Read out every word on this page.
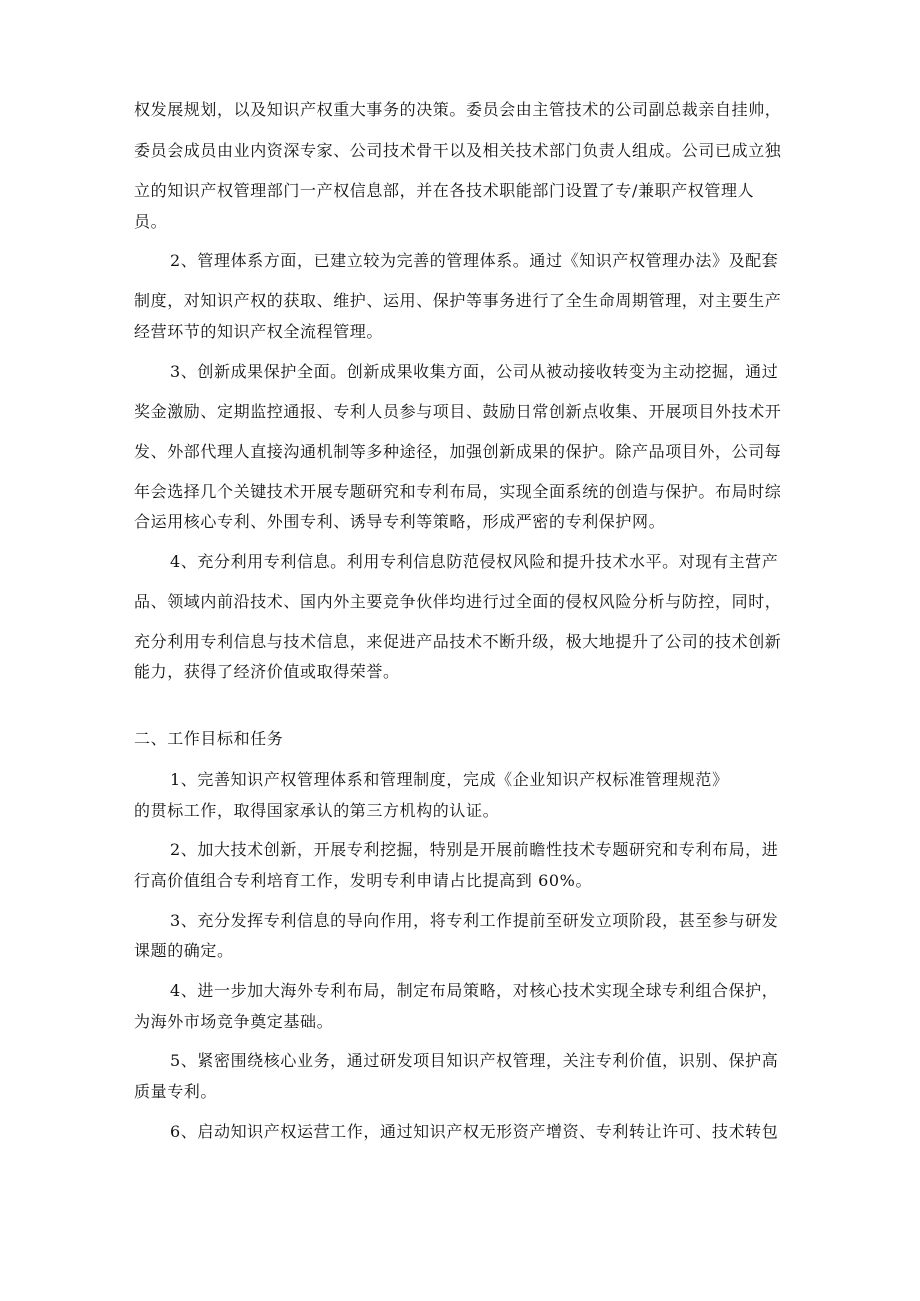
权发展规划，以及知识产权重大事务的决策。委员会由主管技术的公司副总裁亲自挂帅，
委员会成员由业内资深专家、公司技术骨干以及相关技术部门负责人组成。公司已成立独
立的知识产权管理部门一产权信息部，并在各技术职能部门设置了专/兼职产权管理人
员。
2、管理体系方面，已建立较为完善的管理体系。通过《知识产权管理办法》及配套
制度，对知识产权的获取、维护、运用、保护等事务进行了全生命周期管理，对主要生产
经营环节的知识产权全流程管理。
3、创新成果保护全面。创新成果收集方面，公司从被动接收转变为主动挖掘，通过
奖金激励、定期监控通报、专利人员参与项目、鼓励日常创新点收集、开展项目外技术开
发、外部代理人直接沟通机制等多种途径，加强创新成果的保护。除产品项目外，公司每
年会选择几个关键技术开展专题研究和专利布局，实现全面系统的创造与保护。布局时综
合运用核心专利、外围专利、诱导专利等策略，形成严密的专利保护网。
4、充分利用专利信息。利用专利信息防范侵权风险和提升技术水平。对现有主营产
品、领域内前沿技术、国内外主要竞争伙伴均进行过全面的侵权风险分析与防控，同时，
充分利用专利信息与技术信息，来促进产品技术不断升级，极大地提升了公司的技术创新
能力，获得了经济价值或取得荣誉。
二、工作目标和任务
1、完善知识产权管理体系和管理制度，完成《企业知识产权标准管理规范》
的贯标工作，取得国家承认的第三方机构的认证。
2、加大技术创新，开展专利挖掘，特别是开展前瞻性技术专题研究和专利布局，进
行高价值组合专利培育工作，发明专利申请占比提高到 60%。
3、充分发挥专利信息的导向作用，将专利工作提前至研发立项阶段，甚至参与研发
课题的确定。
4、进一步加大海外专利布局，制定布局策略，对核心技术实现全球专利组合保护，
为海外市场竞争奠定基础。
5、紧密围绕核心业务，通过研发项目知识产权管理，关注专利价值，识别、保护高
质量专利。
6、启动知识产权运营工作，通过知识产权无形资产增资、专利转让许可、技术转包
